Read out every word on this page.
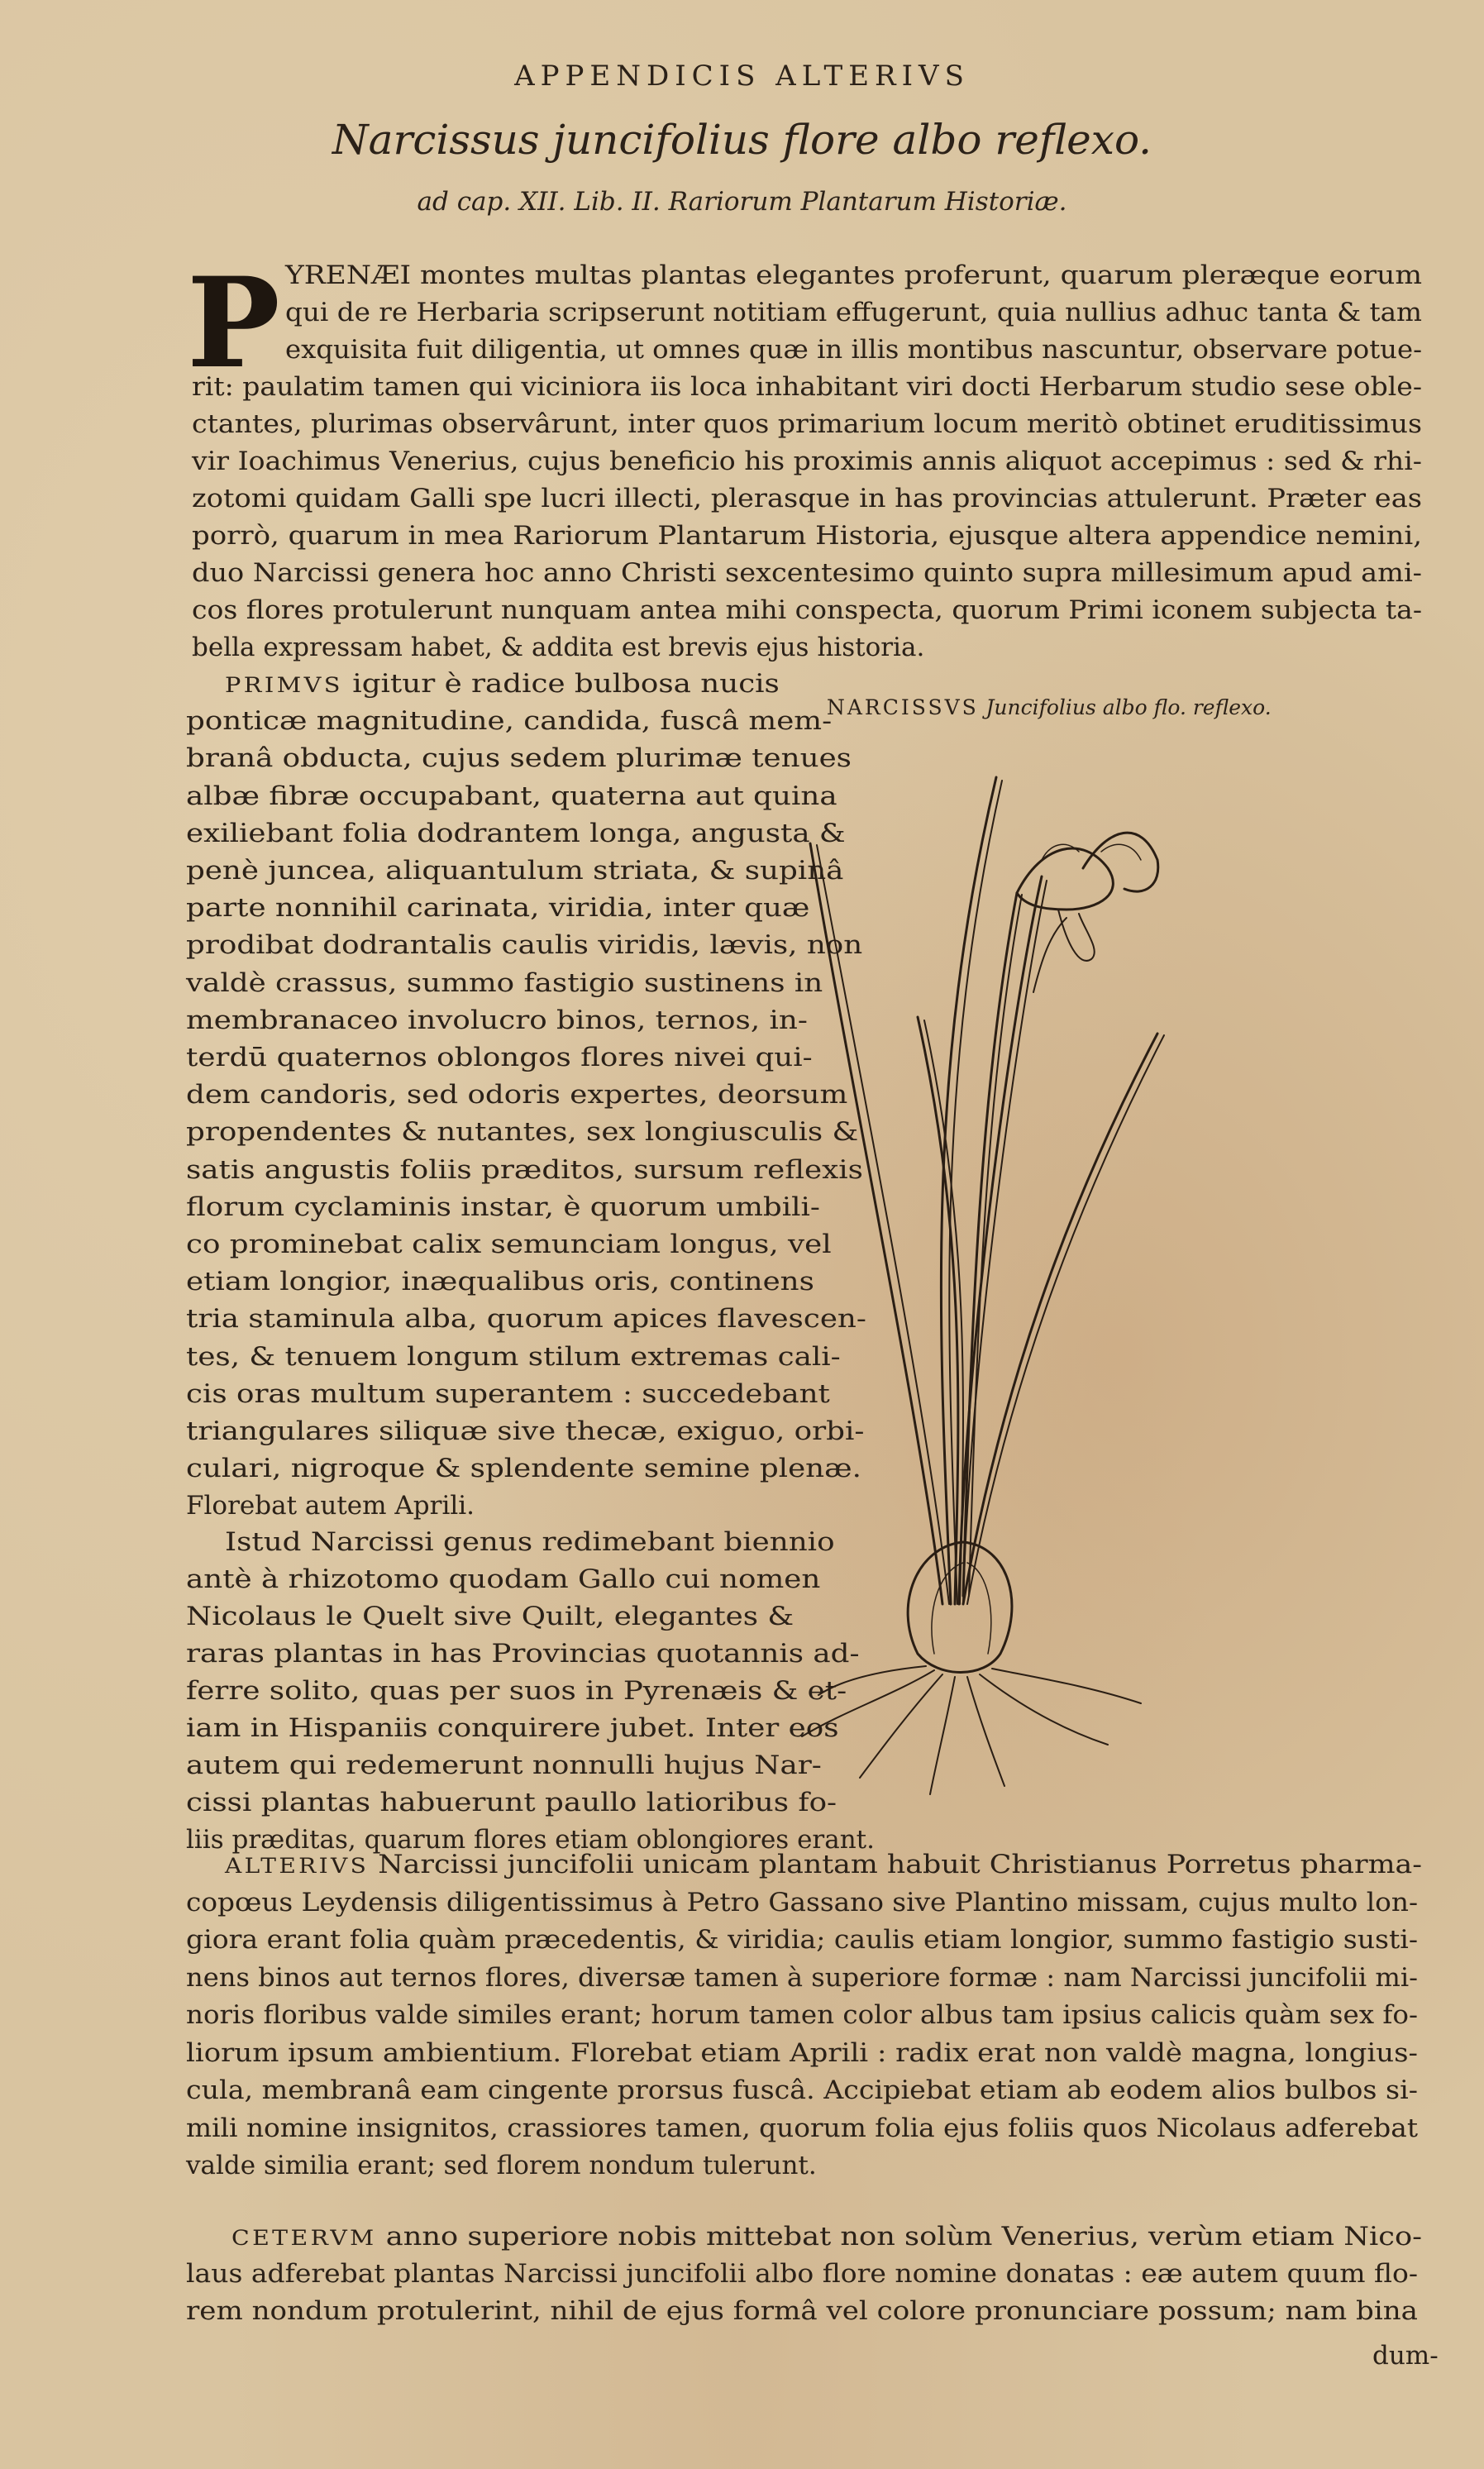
APPENDICIS ALTERIVS
Narcissus juncifolius flore albo reflexo.
ad cap. XII. Lib. II. Rariorum Plantarum Historiæ.
P YRENÆI montes multas plantas elegantes proferunt, quarum pleræque eorum
qui de re Herbaria scripserunt notitiam effugerunt, quia nullius adhuc tanta & tam
exquisita fuit diligentia, ut omnes quæ in illis montibus nascuntur, observare potue-
rit: paulatim tamen qui viciniora iis loca inhabitant viri docti Herbarum studio sese oble-
ctantes, plurimas observârunt, inter quos primarium locum meritò obtinet eruditissimus
vir Ioachimus Venerius, cujus beneficio his proximis annis aliquot accepimus : sed & rhi-
zotomi quidam Galli spe lucri illecti, plerasque in has provincias attulerunt. Præter eas
porrò, quarum in mea Rariorum Plantarum Historia, ejusque altera appendice nemini,
duo Narcissi genera hoc anno Christi sexcentesimo quinto supra millesimum apud ami-
cos flores protulerunt nunquam antea mihi conspecta, quorum Primi iconem subjecta ta-
bella expressam habet, & addita est brevis ejus historia.
PRIMVS igitur è radice bulbosa nucis
ponticæ magnitudine, candida, fuscâ mem-
branâ obducta, cujus sedem plurimæ tenues
albæ fibræ occupabant, quaterna aut quina
exiliebant folia dodrantem longa, angusta &
penè juncea, aliquantulum striata, & supinâ
parte nonnihil carinata, viridia, inter quæ
prodibat dodrantalis caulis viridis, lævis, non
valdè crassus, summo fastigio sustinens in
membranaceo involucro binos, ternos, in-
terdū quaternos oblongos flores nivei qui-
dem candoris, sed odoris expertes, deorsum
propendentes & nutantes, sex longiusculis &
satis angustis foliis præditos, sursum reflexis
florum cyclaminis instar, è quorum umbili-
co prominebat calix semunciam longus, vel
etiam longior, inæqualibus oris, continens
tria staminula alba, quorum apices flavescen-
tes, & tenuem longum stilum extremas cali-
cis oras multum superantem : succedebant
triangulares siliquæ sive thecæ, exiguo, orbi-
culari, nigroque & splendente semine plenæ.
Florebat autem Aprili.
Istud Narcissi genus redimebant biennio
antè à rhizotomo quodam Gallo cui nomen
Nicolaus le Quelt sive Quilt, elegantes &
raras plantas in has Provincias quotannis ad-
ferre solito, quas per suos in Pyrenæis & et-
iam in Hispaniis conquirere jubet. Inter eos
autem qui redemerunt nonnulli hujus Nar-
cissi plantas habuerunt paullo latioribus fo-
liis præditas, quarum flores etiam oblongiores erant.
ALTERIVS Narcissi juncifolii unicam plantam habuit Christianus Porretus pharma-
copœus Leydensis diligentissimus à Petro Gassano sive Plantino missam, cujus multo lon-
giora erant folia quàm præcedentis, & viridia; caulis etiam longior, summo fastigio susti-
nens binos aut ternos flores, diversæ tamen à superiore formæ : nam Narcissi juncifolii mi-
noris floribus valde similes erant; horum tamen color albus tam ipsius calicis quàm sex fo-
liorum ipsum ambientium. Florebat etiam Aprili : radix erat non valdè magna, longius-
cula, membranâ eam cingente prorsus fuscâ. Accipiebat etiam ab eodem alios bulbos si-
mili nomine insignitos, crassiores tamen, quorum folia ejus foliis quos Nicolaus adferebat
valde similia erant; sed florem nondum tulerunt.
CETERVM anno superiore nobis mittebat non solùm Venerius, verùm etiam Nico-
laus adferebat plantas Narcissi juncifolii albo flore nomine donatas : eæ autem quum flo-
rem nondum protulerint, nihil de ejus formâ vel colore pronunciare possum; nam bina
NARCISSVS Juncifolius albo flo. reflexo.
dum-
